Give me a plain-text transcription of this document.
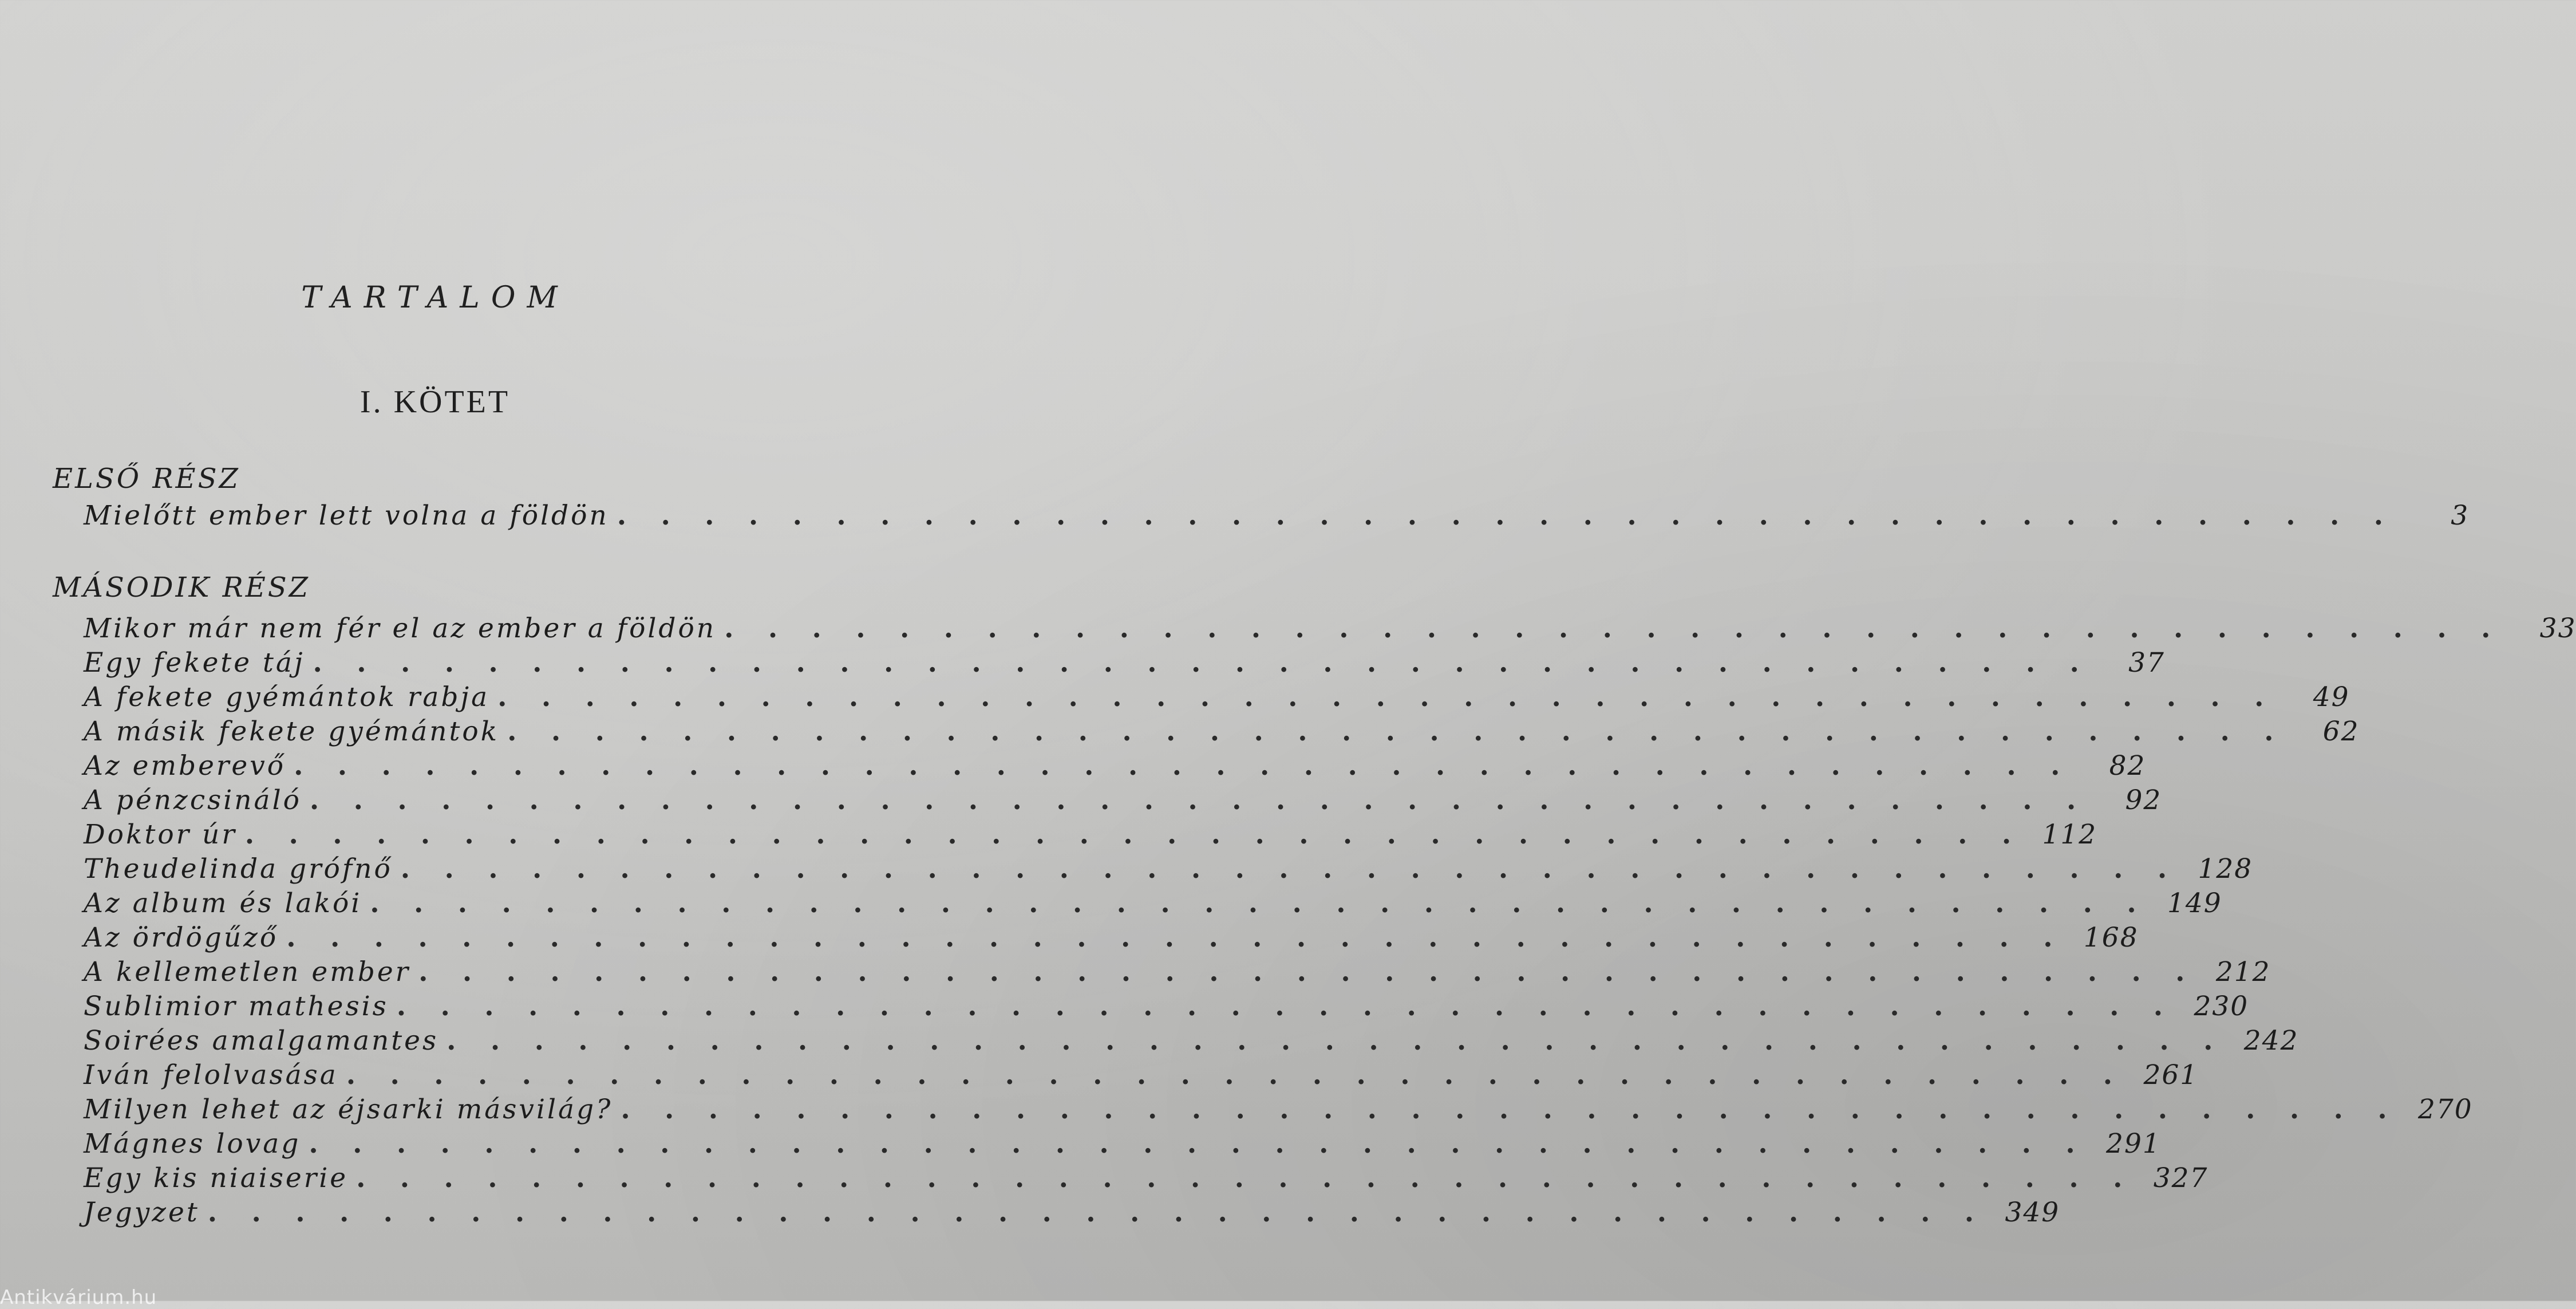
TARTALOM
I. KÖTET
ELSŐ RÉSZ
Mielőtt ember lett volna a földön . . . . . . . . . . . . . . . . . . . . . . . . . . . . . . . . . . . . . . . . .	3
MÁSODIK RÉSZ
Mikor már nem fér el az ember a földön . . . . . . . . . . . . . . . . . . . . . . . . . . . . . . . . . . . . . . . . .	33
Egy fekete táj . . . . . . . . . . . . . . . . . . . . . . . . . . . . . . . . . . . . . . . . .	37
A fekete gyémántok rabja . . . . . . . . . . . . . . . . . . . . . . . . . . . . . . . . . . . . . . . . .	49
A másik fekete gyémántok . . . . . . . . . . . . . . . . . . . . . . . . . . . . . . . . . . . . . . . . .	62
Az emberevő . . . . . . . . . . . . . . . . . . . . . . . . . . . . . . . . . . . . . . . . .	82
A pénzcsináló . . . . . . . . . . . . . . . . . . . . . . . . . . . . . . . . . . . . . . . . .	92
Doktor úr . . . . . . . . . . . . . . . . . . . . . . . . . . . . . . . . . . . . . . . . . 112
Theudelinda grófnő . . . . . . . . . . . . . . . . . . . . . . . . . . . . . . . . . . . . . . . . . 128
Az album és lakói . . . . . . . . . . . . . . . . . . . . . . . . . . . . . . . . . . . . . . . . . 149
Az ördögűző . . . . . . . . . . . . . . . . . . . . . . . . . . . . . . . . . . . . . . . . . 168
A kellemetlen ember . . . . . . . . . . . . . . . . . . . . . . . . . . . . . . . . . . . . . . . . . 212
Sublimior mathesis . . . . . . . . . . . . . . . . . . . . . . . . . . . . . . . . . . . . . . . . . 230
Soirées amalgamantes . . . . . . . . . . . . . . . . . . . . . . . . . . . . . . . . . . . . . . . . . 242
Iván felolvasása . . . . . . . . . . . . . . . . . . . . . . . . . . . . . . . . . . . . . . . . . 261
Milyen lehet az éjsarki másvilág? . . . . . . . . . . . . . . . . . . . . . . . . . . . . . . . . . . . . . . . . . 270
Mágnes lovag . . . . . . . . . . . . . . . . . . . . . . . . . . . . . . . . . . . . . . . . . 291
Egy kis niaiserie . . . . . . . . . . . . . . . . . . . . . . . . . . . . . . . . . . . . . . . . . 327
Jegyzet . . . . . . . . . . . . . . . . . . . . . . . . . . . . . . . . . . . . . . . . . 349
Antikvárium.hu
